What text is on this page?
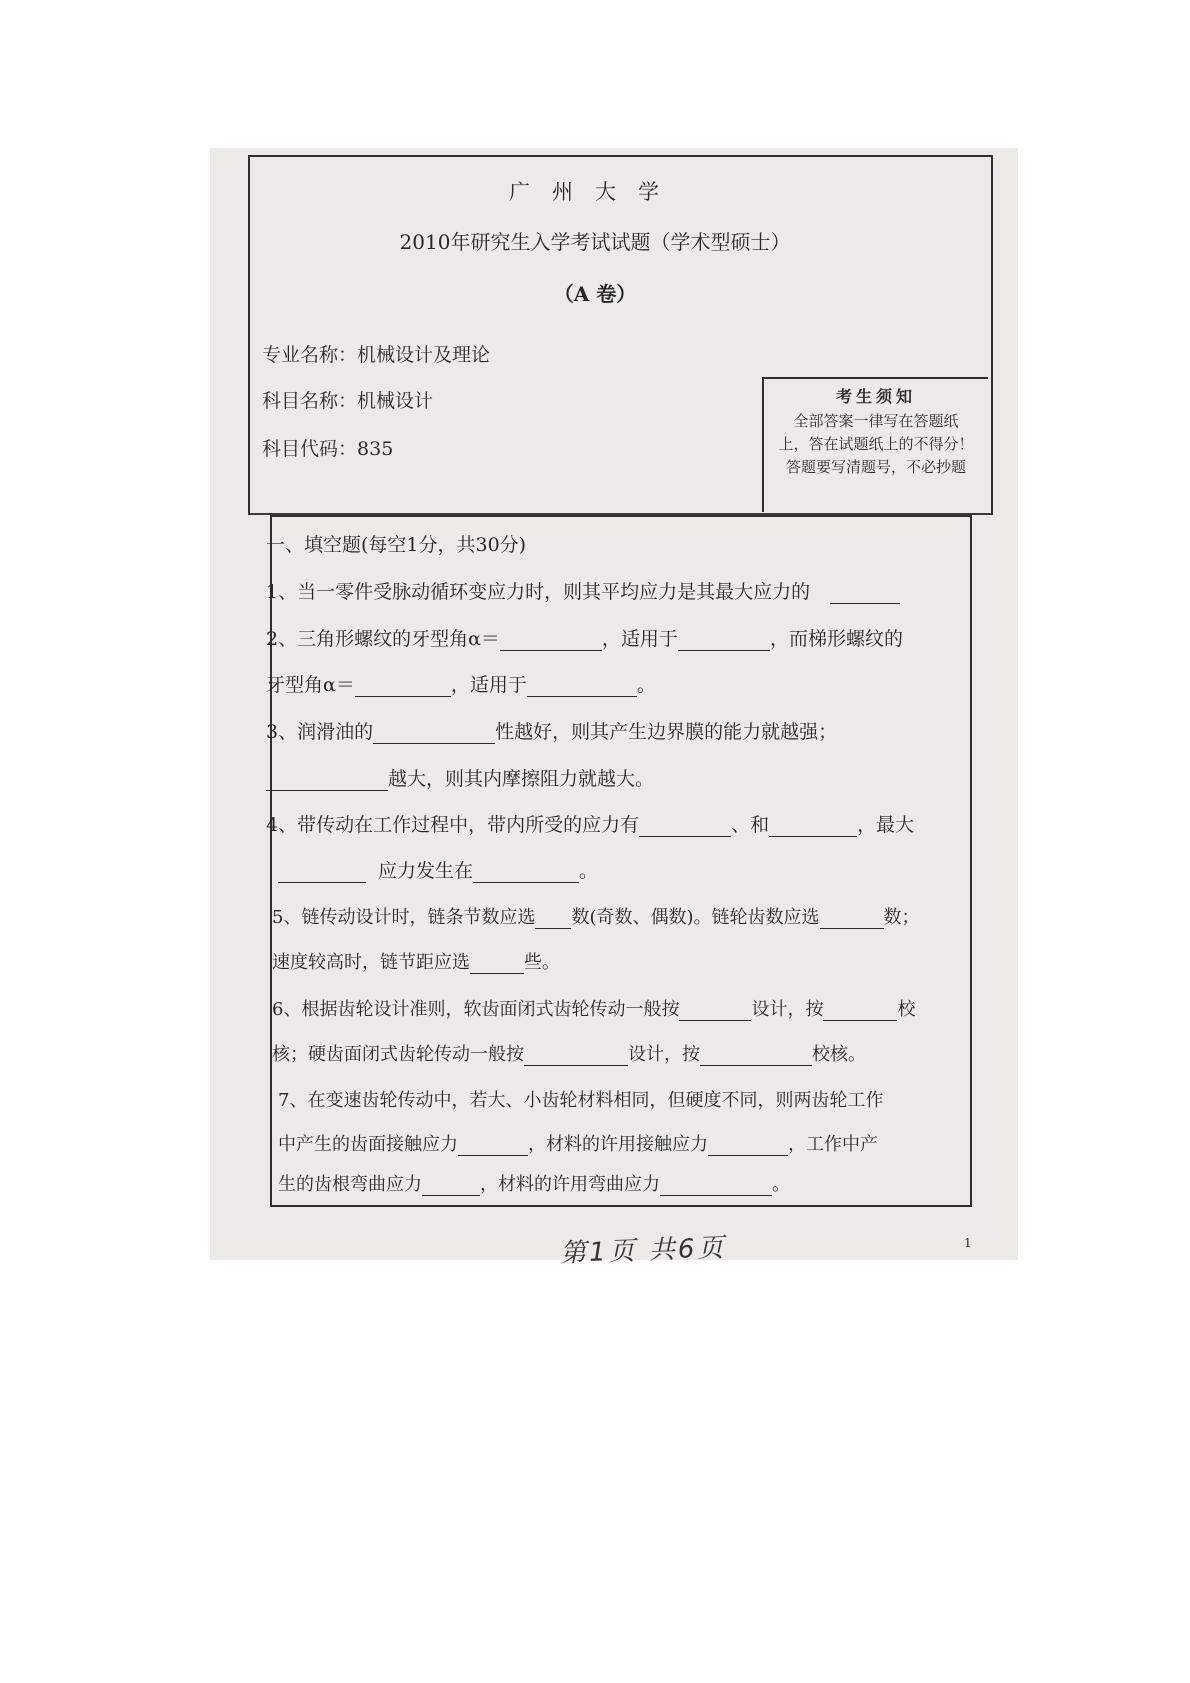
广州大学
2010年研究生入学考试试题（学术型硕士）
（A 卷）
专业名称：机械设计及理论
科目名称：机械设计
科目代码：835
考生须知
全部答案一律写在答题纸
上，答在试题纸上的不得分！
答题要写清题号，不必抄题
一、填空题(每空1分，共30分)
1、当一零件受脉动循环变应力时，则其平均应力是其最大应力的
2、三角形螺纹的牙型角α＝	，适用于	，而梯形螺纹的
牙型角α＝	，适用于	。
3、润滑油的	性越好，则其产生边界膜的能力就越强；
越大，则其内摩擦阻力就越大。
4、带传动在工作过程中，带内所受的应力有	、和	，最大
应力发生在	。
5、链传动设计时，链条节数应选 数(奇数、偶数)。链轮齿数应选	数；
速度较高时，链节距应选	些。
6、根据齿轮设计准则，软齿面闭式齿轮传动一般按	设计，按	校
核；硬齿面闭式齿轮传动一般按	设计，按	校核。
7、在变速齿轮传动中，若大、小齿轮材料相同，但硬度不同，则两齿轮工作
中产生的齿面接触应力	，材料的许用接触应力	，工作中产
生的齿根弯曲应力	，材料的许用弯曲应力	。
第1页 共6页	1
